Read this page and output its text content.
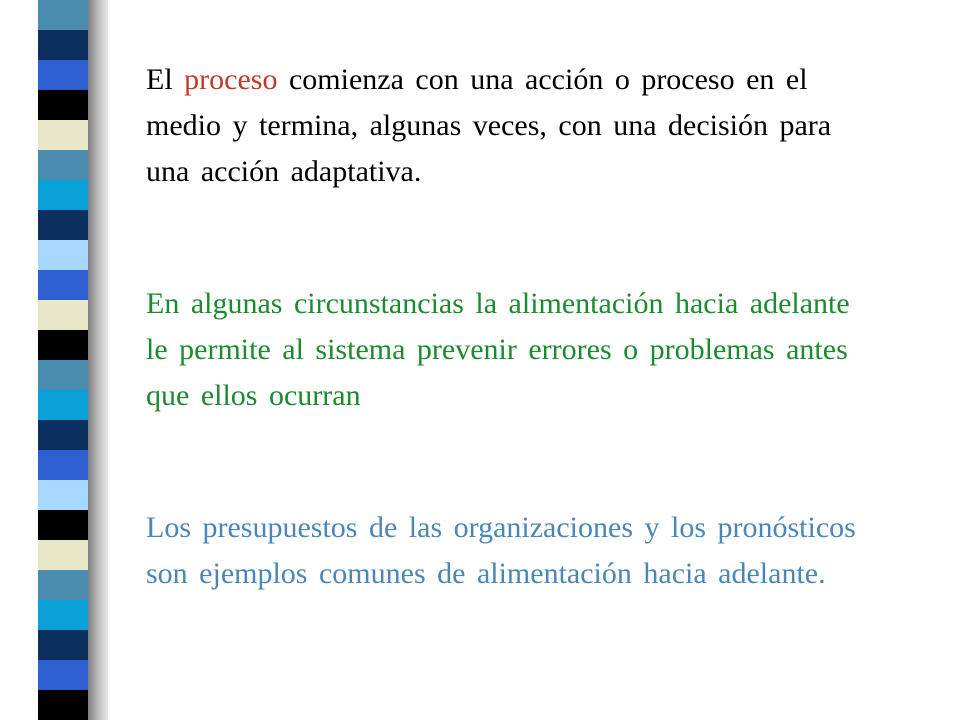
El proceso comienza con una acción o proceso en el medio y termina, algunas veces, con una decisión para una acción adaptativa.

En algunas circunstancias la alimentación hacia adelante le permite al sistema prevenir errores o problemas antes que ellos ocurran

Los presupuestos de las organizaciones y los pronósticos son ejemplos comunes de alimentación hacia adelante.
